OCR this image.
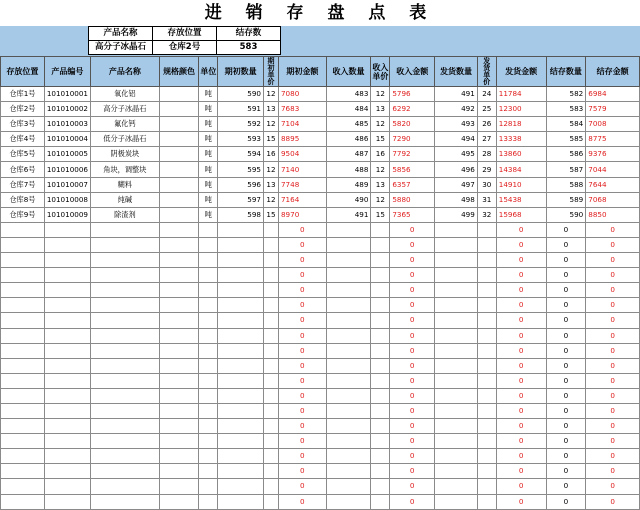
进 销 存 盘 点 表
产品名称	存放位置	结存数
高分子冰晶石	仓库2号	583
存放位置	产品编号	产品名称	规格颜色	单位	期初数量	期初单价	期初金额	收入数量	收入单价	收入金额	发货数量	发货单价	发货金额	结存数量	结存金额
仓库1号	101010001	氧化铝		吨	590	12	7080	483	12	5796	491	24	11784	582	6984
仓库2号	101010002	高分子冰晶石		吨	591	13	7683	484	13	6292	492	25	12300	583	7579
仓库3号	101010003	氟化钙		吨	592	12	7104	485	12	5820	493	26	12818	584	7008
仓库4号	101010004	低分子冰晶石		吨	593	15	8895	486	15	7290	494	27	13338	585	8775
仓库5号	101010005	阴极炭块		吨	594	16	9504	487	16	7792	495	28	13860	586	9376
仓库6号	101010006	角块，调整块		吨	595	12	7140	488	12	5856	496	29	14384	587	7044
仓库7号	101010007	糊料		吨	596	13	7748	489	13	6357	497	30	14910	588	7644
仓库8号	101010008	纯碱		吨	597	12	7164	490	12	5880	498	31	15438	589	7068
仓库9号	101010009	除渣剂		吨	598	15	8970	491	15	7365	499	32	15968	590	8850
							0			0			0	0	0
							0			0			0	0	0
							0			0			0	0	0
							0			0			0	0	0
							0			0			0	0	0
							0			0			0	0	0
							0			0			0	0	0
							0			0			0	0	0
							0			0			0	0	0
							0			0			0	0	0
							0			0			0	0	0
							0			0			0	0	0
							0			0			0	0	0
							0			0			0	0	0
							0			0			0	0	0
							0			0			0	0	0
							0			0			0	0	0
							0			0			0	0	0
							0			0			0	0	0
